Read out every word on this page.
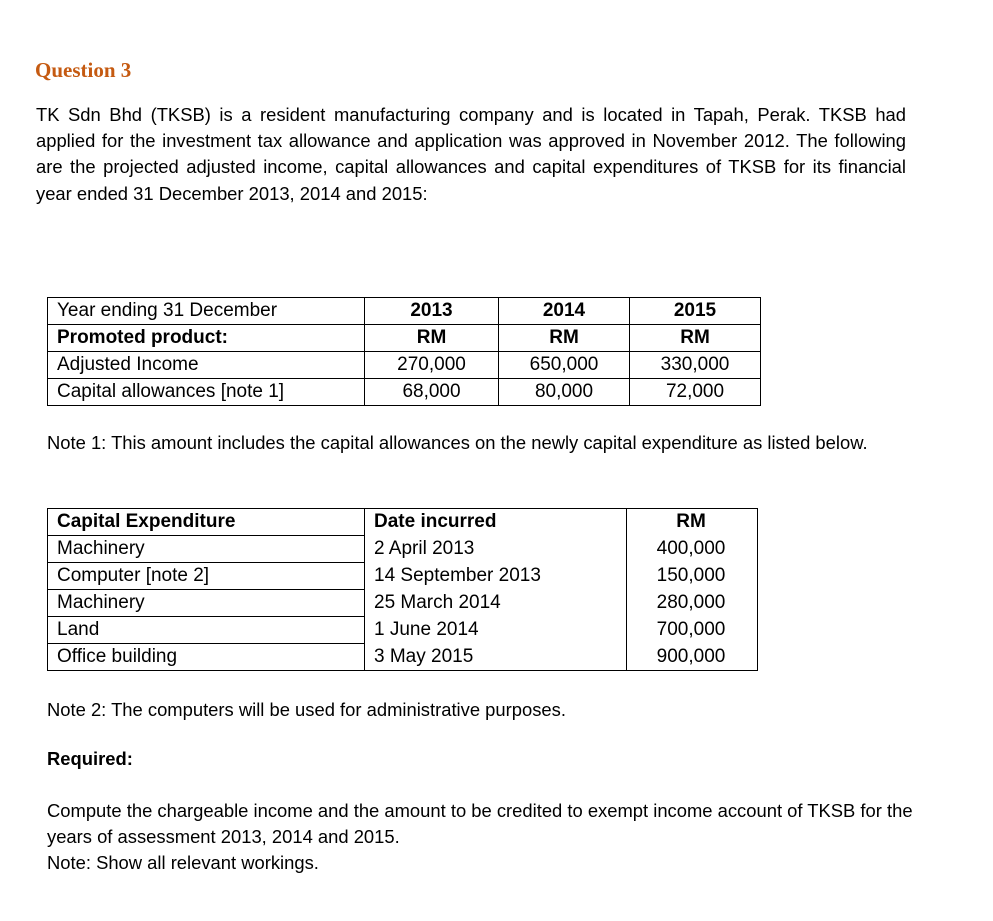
Question 3

TK Sdn Bhd (TKSB) is a resident manufacturing company and is located in Tapah, Perak. TKSB had applied for the investment tax allowance and application was approved in November 2012. The following are the projected adjusted income, capital allowances and capital expenditures of TKSB for its financial year ended 31 December 2013, 2014 and 2015:

Year ending 31 December	2013	2014	2015
Promoted product:	RM	RM	RM
Adjusted Income	270,000	650,000	330,000
Capital allowances [note 1]	68,000	80,000	72,000

Note 1: This amount includes the capital allowances on the newly capital expenditure as listed below.

Capital Expenditure	Date incurred	RM
Machinery	2 April 2013	400,000
Computer [note 2]	14 September 2013	150,000
Machinery	25 March 2014	280,000
Land	1 June 2014	700,000
Office building	3 May 2015	900,000

Note 2: The computers will be used for administrative purposes.

Required:

Compute the chargeable income and the amount to be credited to exempt income account of TKSB for the years of assessment 2013, 2014 and 2015.

Note: Show all relevant workings.
